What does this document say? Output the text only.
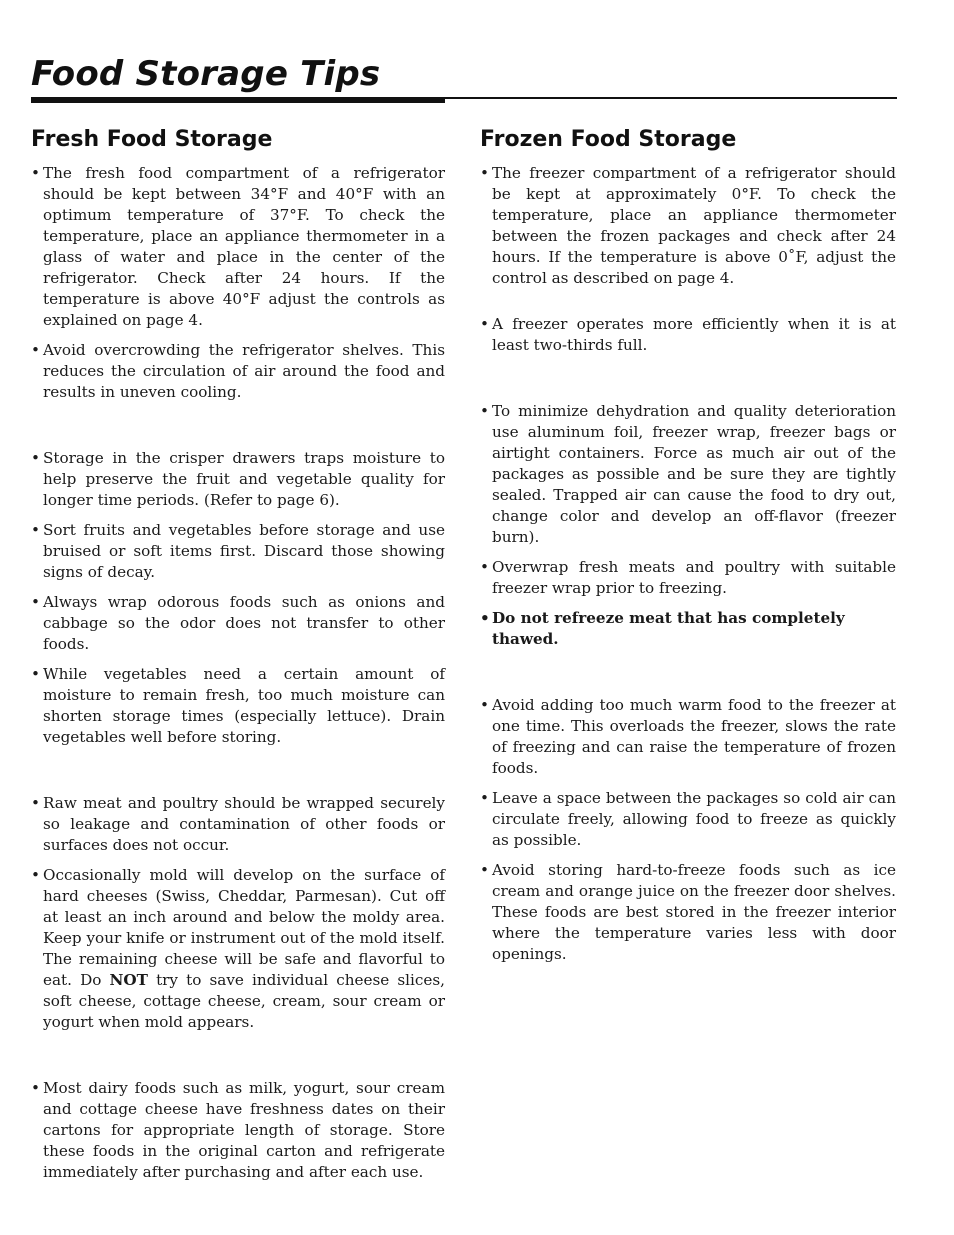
Food Storage Tips
Fresh Food Storage

• The fresh food compartment of a refrigerator should be kept between 34°F and 40°F with an optimum temperature of 37°F. To check the temperature, place an appliance thermometer in a glass of water and place in the center of the refrigerator. Check after 24 hours. If the temperature is above 40°F adjust the controls as explained on page 4.

• Avoid overcrowding the refrigerator shelves. This reduces the circulation of air around the food and results in uneven cooling.

• Storage in the crisper drawers traps moisture to help preserve the fruit and vegetable quality for longer time periods. (Refer to page 6).

• Sort fruits and vegetables before storage and use bruised or soft items first. Discard those showing signs of decay.

• Always wrap odorous foods such as onions and cabbage so the odor does not transfer to other foods.

• While vegetables need a certain amount of moisture to remain fresh, too much moisture can shorten storage times (especially lettuce). Drain vegetables well before storing.

• Raw meat and poultry should be wrapped securely so leakage and contamination of other foods or surfaces does not occur.

• Occasionally mold will develop on the surface of hard cheeses (Swiss, Cheddar, Parmesan). Cut off at least an inch around and below the moldy area. Keep your knife or instrument out of the mold itself. The remaining cheese will be safe and flavorful to eat. Do NOT try to save individual cheese slices, soft cheese, cottage cheese, cream, sour cream or yogurt when mold appears.

• Most dairy foods such as milk, yogurt, sour cream and cottage cheese have freshness dates on their cartons for appropriate length of storage. Store these foods in the original carton and refrigerate immediately after purchasing and after each use.

Frozen Food Storage

• The freezer compartment of a refrigerator should be kept at approximately 0°F. To check the temperature, place an appliance thermometer between the frozen packages and check after 24 hours. If the temperature is above 0˚F, adjust the control as described on page 4.

• A freezer operates more efficiently when it is at least two-thirds full.

• To minimize dehydration and quality deterioration use aluminum foil, freezer wrap, freezer bags or airtight containers. Force as much air out of the packages as possible and be sure they are tightly sealed. Trapped air can cause the food to dry out, change color and develop an off-flavor (freezer burn).

• Overwrap fresh meats and poultry with suitable freezer wrap prior to freezing.

• Do not refreeze meat that has completely thawed.

• Avoid adding too much warm food to the freezer at one time. This overloads the freezer, slows the rate of freezing and can raise the temperature of frozen foods.

• Leave a space between the packages so cold air can circulate freely, allowing food to freeze as quickly as possible.

• Avoid storing hard-to-freeze foods such as ice cream and orange juice on the freezer door shelves. These foods are best stored in the freezer interior where the temperature varies less with door openings.
